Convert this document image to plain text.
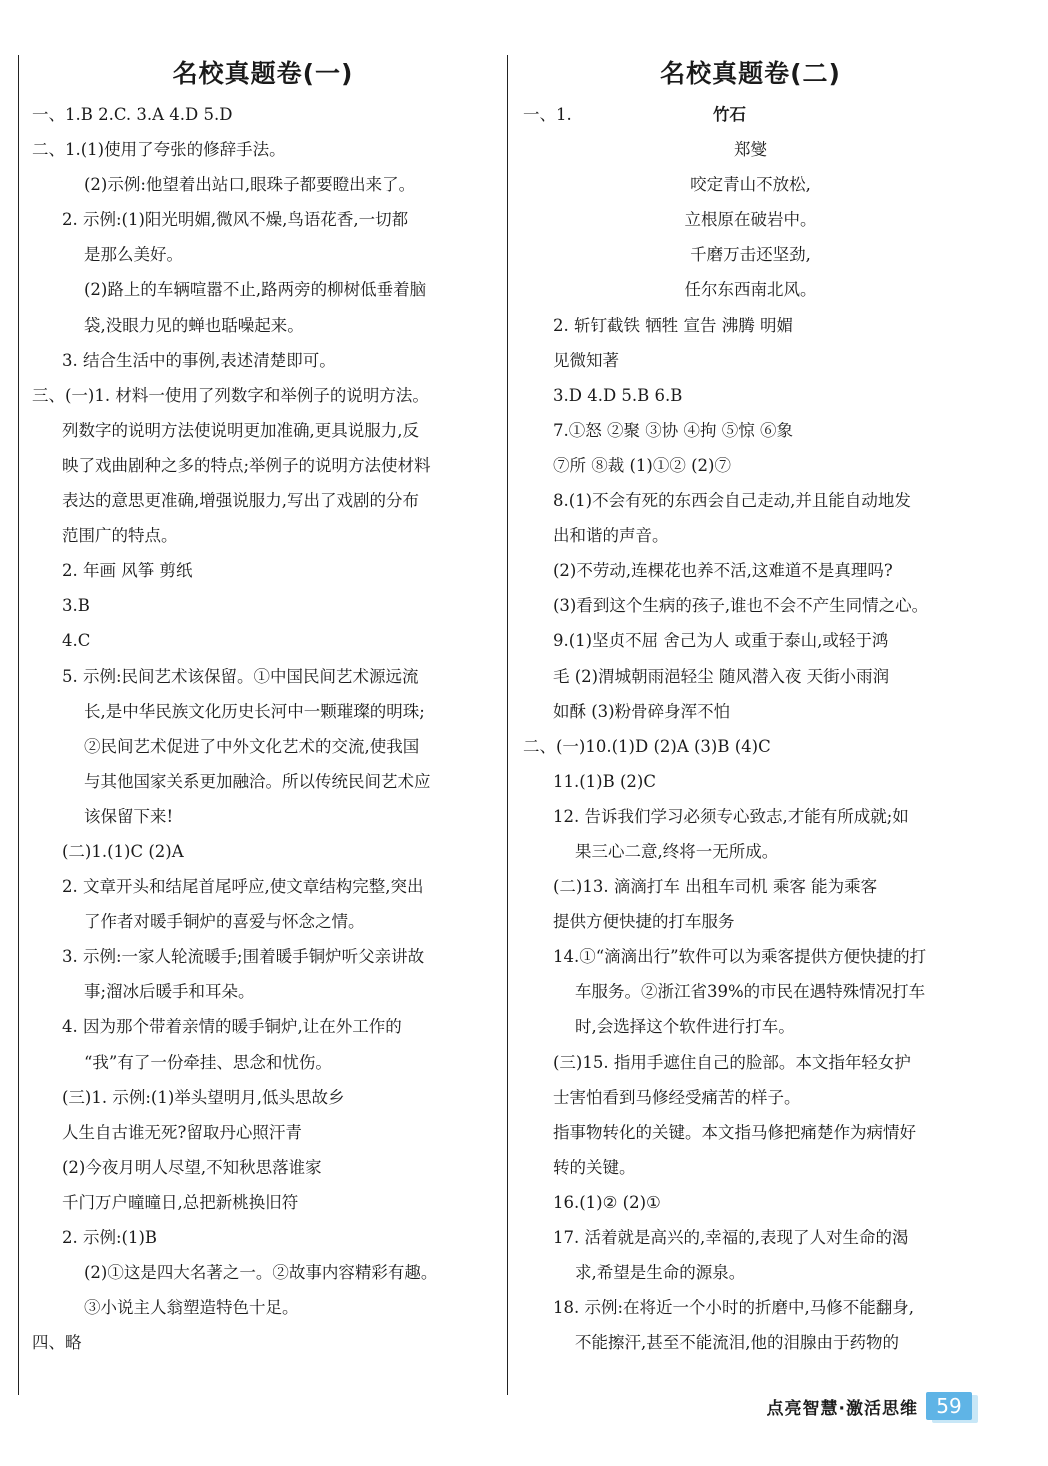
名校真题卷(一)
一、1.B 2.C. 3.A 4.D 5.D
二、1.(1)使用了夸张的修辞手法。
(2)示例:他望着出站口,眼珠子都要瞪出来了。
2. 示例:(1)阳光明媚,微风不燥,鸟语花香,一切都
是那么美好。
(2)路上的车辆喧嚣不止,路两旁的柳树低垂着脑
袋,没眼力见的蝉也聒噪起来。
3. 结合生活中的事例,表述清楚即可。
三、(一)1. 材料一使用了列数字和举例子的说明方法。
列数字的说明方法使说明更加准确,更具说服力,反
映了戏曲剧种之多的特点;举例子的说明方法使材料
表达的意思更准确,增强说服力,写出了戏剧的分布
范围广的特点。
2. 年画 风筝 剪纸
3.B
4.C
5. 示例:民间艺术该保留。①中国民间艺术源远流
长,是中华民族文化历史长河中一颗璀璨的明珠;
②民间艺术促进了中外文化艺术的交流,使我国
与其他国家关系更加融洽。所以传统民间艺术应
该保留下来!
(二)1.(1)C (2)A
2. 文章开头和结尾首尾呼应,使文章结构完整,突出
了作者对暖手铜炉的喜爱与怀念之情。
3. 示例:一家人轮流暖手;围着暖手铜炉听父亲讲故
事;溜冰后暖手和耳朵。
4. 因为那个带着亲情的暖手铜炉,让在外工作的
“我”有了一份牵挂、思念和忧伤。
(三)1. 示例:(1)举头望明月,低头思故乡
人生自古谁无死?留取丹心照汗青
(2)今夜月明人尽望,不知秋思落谁家
千门万户曈曈日,总把新桃换旧符
2. 示例:(1)B
(2)①这是四大名著之一。②故事内容精彩有趣。
③小说主人翁塑造特色十足。
四、略
名校真题卷(二)
一、1.	竹石
郑燮
咬定青山不放松,
立根原在破岩中。
千磨万击还坚劲,
任尔东西南北风。
2. 斩钉截铁 牺牲 宣告 沸腾 明媚
见微知著
3.D 4.D 5.B 6.B
7.①怒 ②聚 ③协 ④拘 ⑤惊 ⑥象
⑦所 ⑧裁 (1)①② (2)⑦
8.(1)不会有死的东西会自己走动,并且能自动地发
出和谐的声音。
(2)不劳动,连棵花也养不活,这难道不是真理吗?
(3)看到这个生病的孩子,谁也不会不产生同情之心。
9.(1)坚贞不屈 舍己为人 或重于泰山,或轻于鸿
毛 (2)渭城朝雨浥轻尘 随风潜入夜 天街小雨润
如酥 (3)粉骨碎身浑不怕
二、(一)10.(1)D (2)A (3)B (4)C
11.(1)B (2)C
12. 告诉我们学习必须专心致志,才能有所成就;如
果三心二意,终将一无所成。
(二)13. 滴滴打车 出租车司机 乘客 能为乘客
提供方便快捷的打车服务
14.①“滴滴出行”软件可以为乘客提供方便快捷的打
车服务。②浙江省39%的市民在遇特殊情况打车
时,会选择这个软件进行打车。
(三)15. 指用手遮住自己的脸部。本文指年轻女护
士害怕看到马修经受痛苦的样子。
指事物转化的关键。本文指马修把痛楚作为病情好
转的关键。
16.(1)② (2)①
17. 活着就是高兴的,幸福的,表现了人对生命的渴
求,希望是生命的源泉。
18. 示例:在将近一个小时的折磨中,马修不能翻身,
不能擦汗,甚至不能流泪,他的泪腺由于药物的
点亮智慧·激活思维 59
